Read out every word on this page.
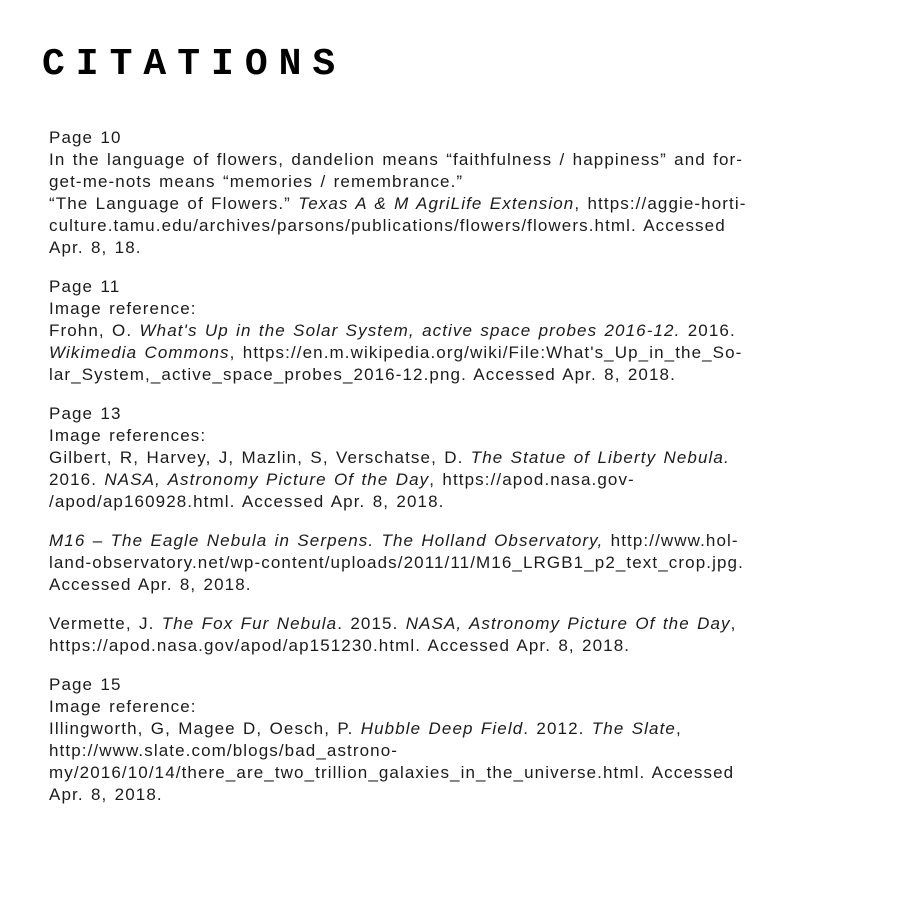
CITATIONS
Page 10
In the language of flowers, dandelion means “faithfulness / happiness” and for-
get-me-nots means “memories / remembrance.”
“The Language of Flowers.” Texas A & M AgriLife Extension, https://aggie-horti-
culture.tamu.edu/archives/parsons/publications/flowers/flowers.html. Accessed
Apr. 8, 18.
Page 11
Image reference:
Frohn, O. What's Up in the Solar System, active space probes 2016-12. 2016.
Wikimedia Commons, https://en.m.wikipedia.org/wiki/File:What's_Up_in_the_So-
lar_System,_active_space_probes_2016-12.png. Accessed Apr. 8, 2018.
Page 13
Image references:
Gilbert, R, Harvey, J, Mazlin, S, Verschatse, D. The Statue of Liberty Nebula.
2016. NASA, Astronomy Picture Of the Day, https://apod.nasa.gov-
/apod/ap160928.html. Accessed Apr. 8, 2018.
M16 – The Eagle Nebula in Serpens. The Holland Observatory, http://www.hol-
land-observatory.net/wp-content/uploads/2011/11/M16_LRGB1_p2_text_crop.jpg.
Accessed Apr. 8, 2018.
Vermette, J. The Fox Fur Nebula. 2015. NASA, Astronomy Picture Of the Day,
https://apod.nasa.gov/apod/ap151230.html. Accessed Apr. 8, 2018.
Page 15
Image reference:
Illingworth, G, Magee D, Oesch, P. Hubble Deep Field. 2012. The Slate,
http://www.slate.com/blogs/bad_astrono-
my/2016/10/14/there_are_two_trillion_galaxies_in_the_universe.html. Accessed
Apr. 8, 2018.
